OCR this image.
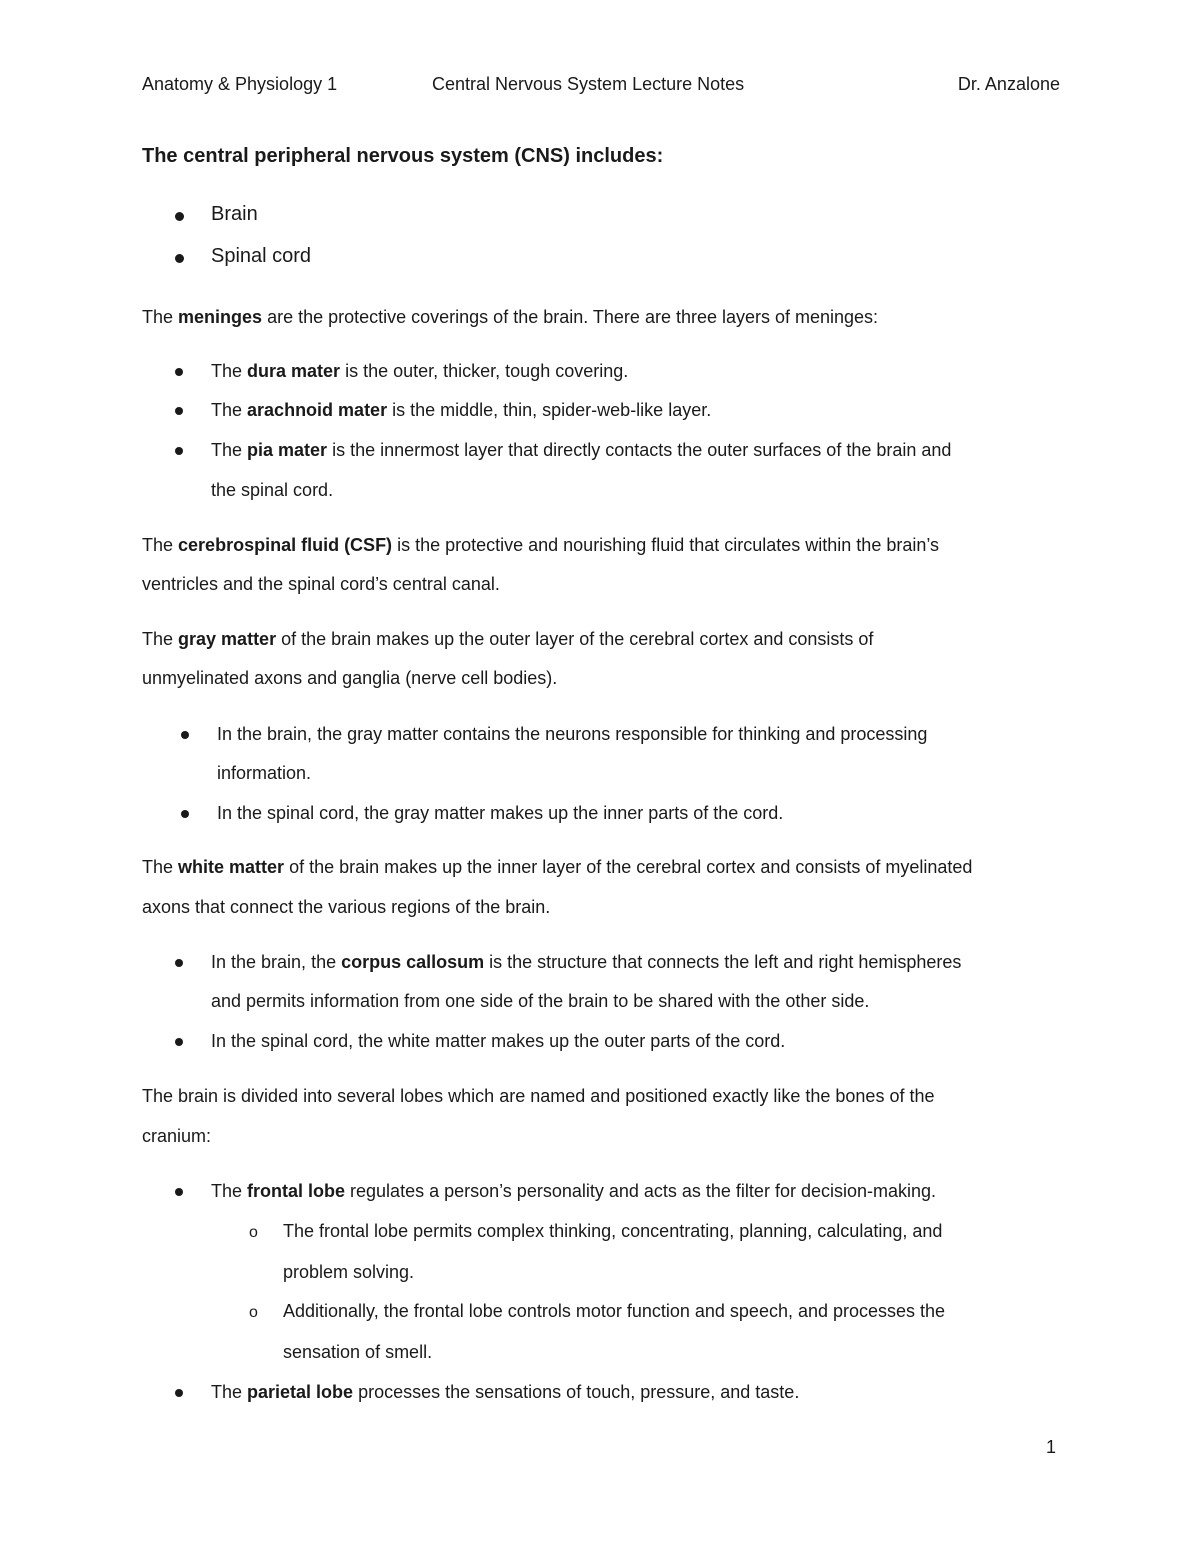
Anatomy & Physiology 1	Central Nervous System Lecture Notes	Dr. Anzalone
The central peripheral nervous system (CNS) includes:
Brain
Spinal cord
The meninges are the protective coverings of the brain. There are three layers of meninges:
The dura mater is the outer, thicker, tough covering.
The arachnoid mater is the middle, thin, spider-web-like layer.
The pia mater is the innermost layer that directly contacts the outer surfaces of the brain and
the spinal cord.
The cerebrospinal fluid (CSF) is the protective and nourishing fluid that circulates within the brain’s
ventricles and the spinal cord’s central canal.
The gray matter of the brain makes up the outer layer of the cerebral cortex and consists of
unmyelinated axons and ganglia (nerve cell bodies).
In the brain, the gray matter contains the neurons responsible for thinking and processing
information.
In the spinal cord, the gray matter makes up the inner parts of the cord.
The white matter of the brain makes up the inner layer of the cerebral cortex and consists of myelinated
axons that connect the various regions of the brain.
In the brain, the corpus callosum is the structure that connects the left and right hemispheres
and permits information from one side of the brain to be shared with the other side.
In the spinal cord, the white matter makes up the outer parts of the cord.
The brain is divided into several lobes which are named and positioned exactly like the bones of the
cranium:
The frontal lobe regulates a person’s personality and acts as the filter for decision-making.
o The frontal lobe permits complex thinking, concentrating, planning, calculating, and
problem solving.
o Additionally, the frontal lobe controls motor function and speech, and processes the
sensation of smell.
The parietal lobe processes the sensations of touch, pressure, and taste.
1
